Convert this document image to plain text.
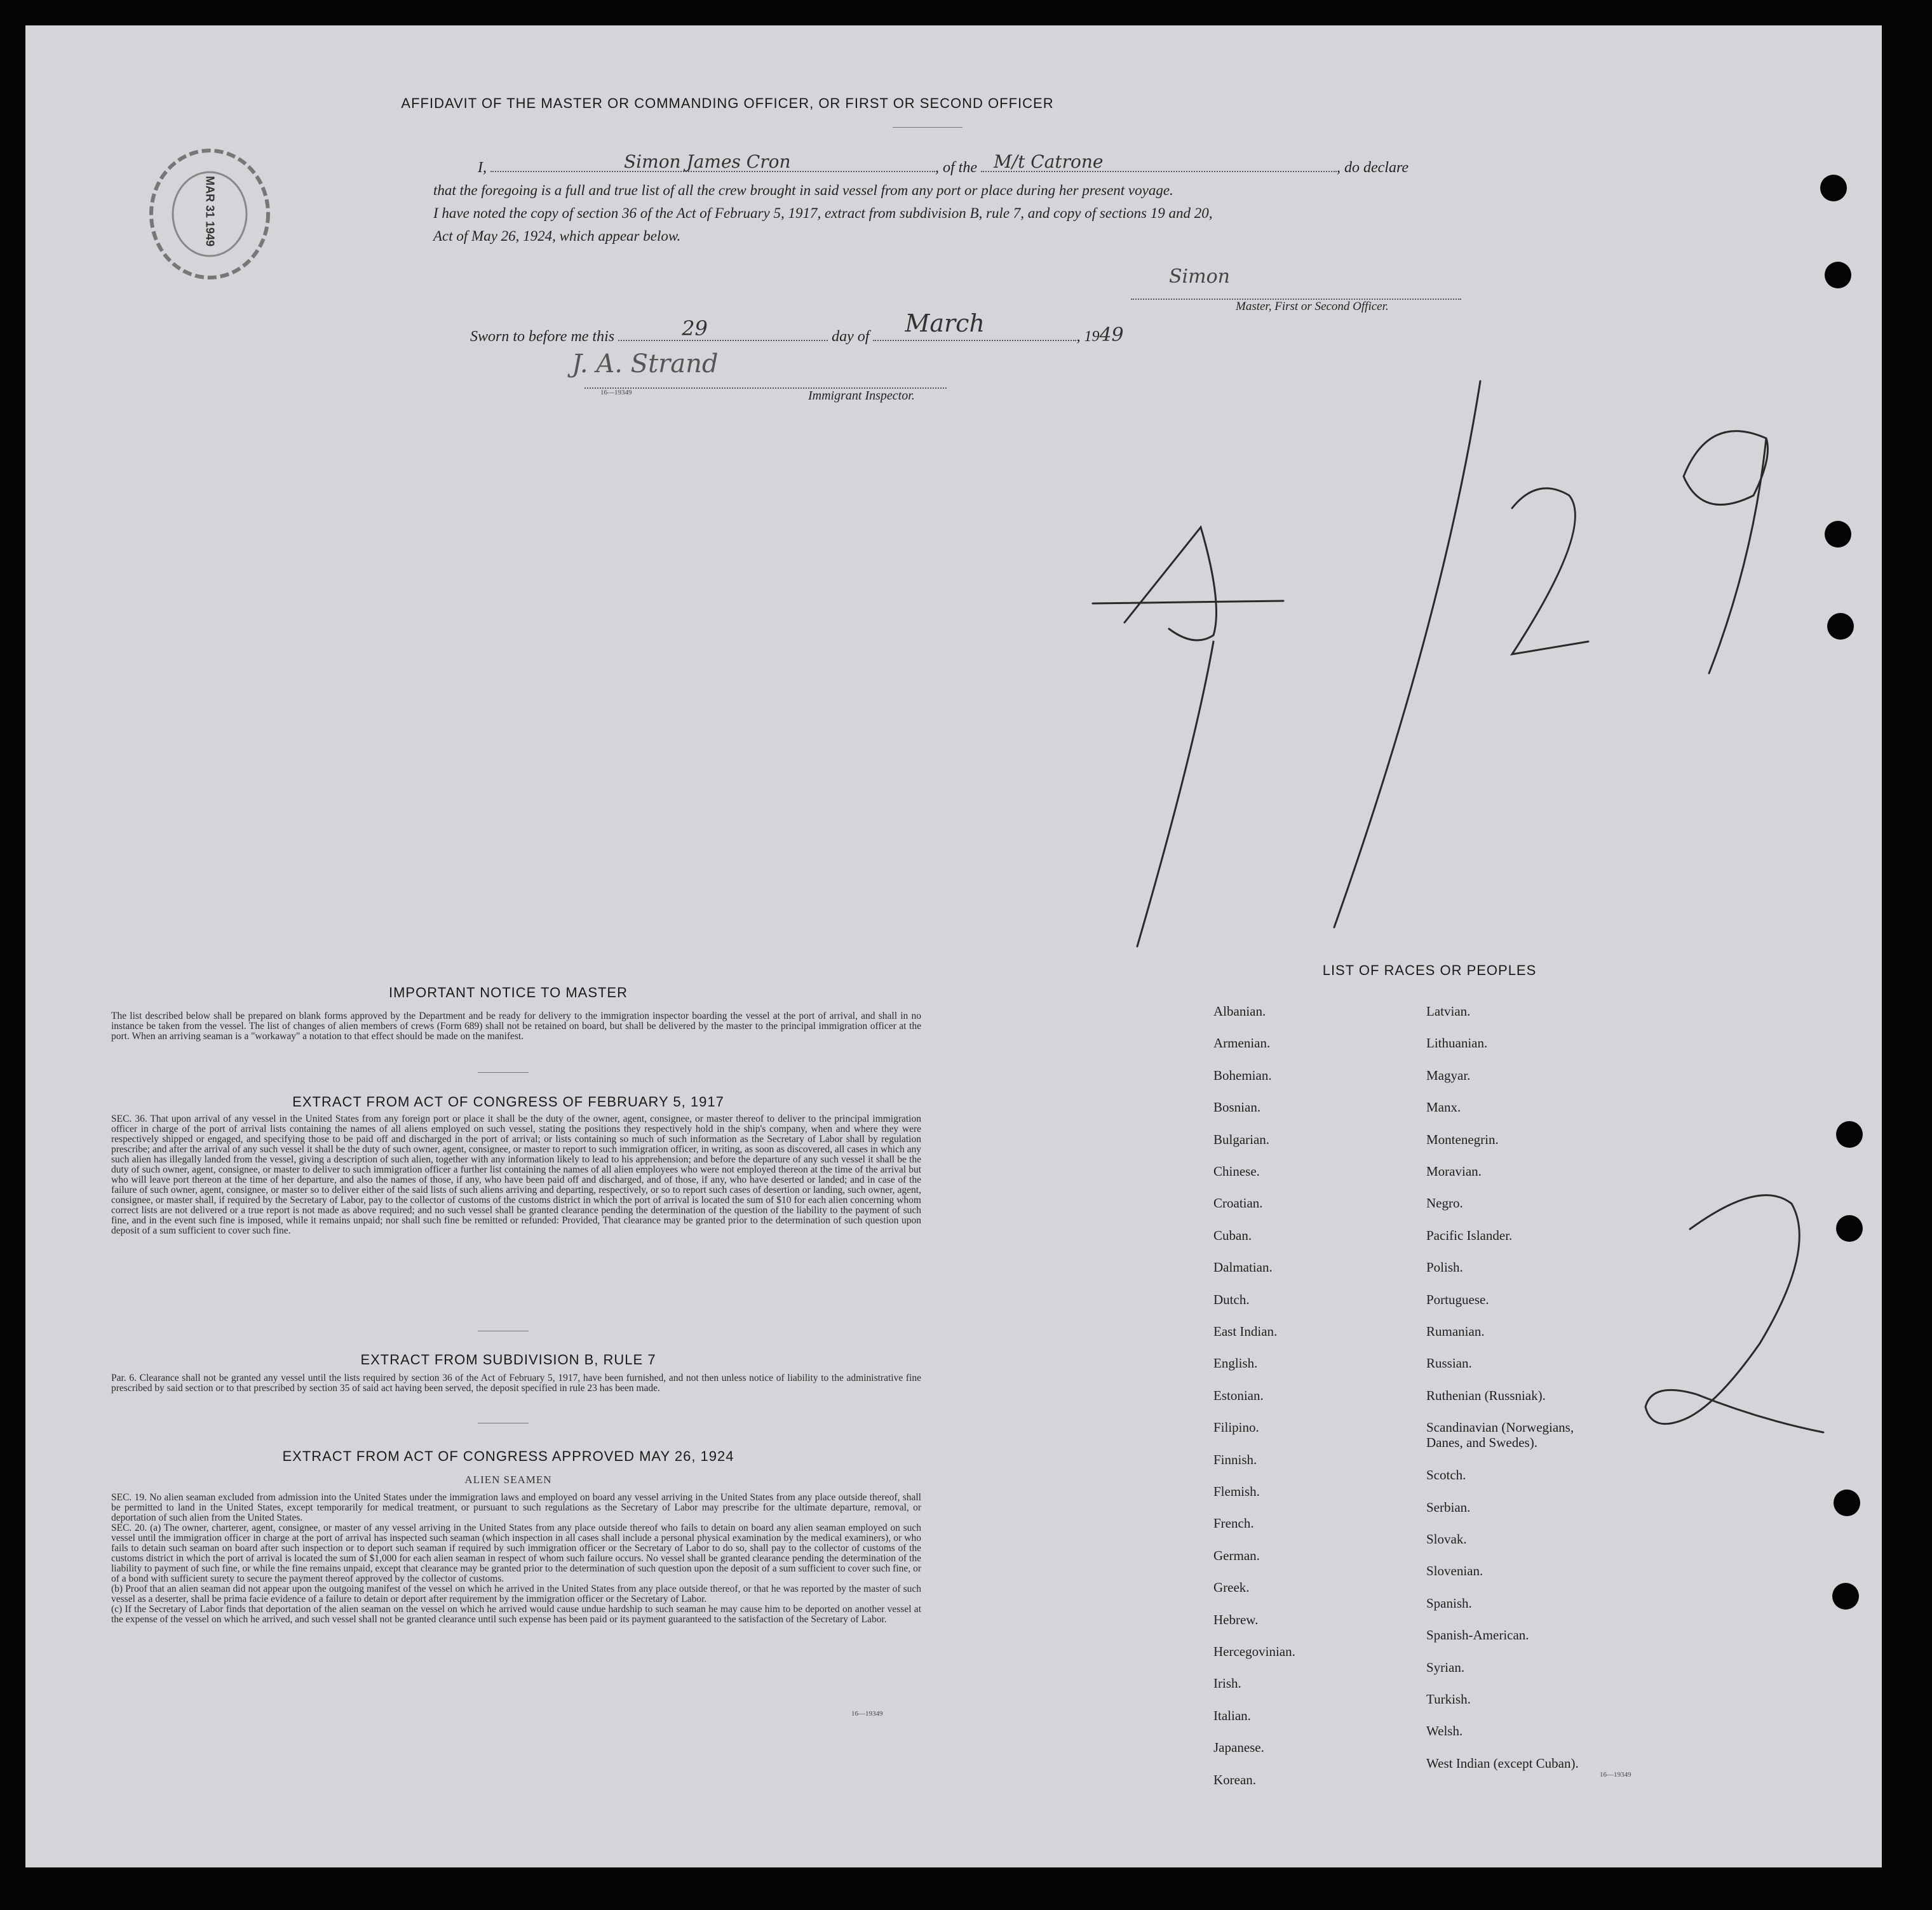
AFFIDAVIT OF THE MASTER OR COMMANDING OFFICER, OR FIRST OR SECOND OFFICER
MAR 31 1949
I,	Simon James Cron	, of the M/t Catrone	, do declare
that the foregoing is a full and true list of all the crew brought in said vessel from any port or place during her present voyage.
I have noted the copy of section 36 of the Act of February 5, 1917, extract from subdivision B, rule 7, and copy of sections 19 and 20,
Act of May 26, 1924, which appear below.
Simon
Master, First or Second Officer.
Sworn to before me this	29	day of March	, 1949
J. A. Strand
16—19349	Immigrant Inspector.
IMPORTANT NOTICE TO MASTER
The list described below shall be prepared on blank forms approved by the Department and be ready for delivery to the immigration inspector boarding the vessel at the port of arrival, and shall in no instance be taken from the vessel. The list of changes of alien members of crews (Form 689) shall not be retained on board, but shall be delivered by the master to the principal immigration officer at the port. When an arriving seaman is a "workaway" a notation to that effect should be made on the manifest.
EXTRACT FROM ACT OF CONGRESS OF FEBRUARY 5, 1917
SEC. 36. That upon arrival of any vessel in the United States from any foreign port or place it shall be the duty of the owner, agent, consignee, or master thereof to deliver to the principal immigration officer in charge of the port of arrival lists containing the names of all aliens employed on such vessel, stating the positions they respectively hold in the ship's company, when and where they were respectively shipped or engaged, and specifying those to be paid off and discharged in the port of arrival; or lists containing so much of such information as the Secretary of Labor shall by regulation prescribe; and after the arrival of any such vessel it shall be the duty of such owner, agent, consignee, or master to report to such immigration officer, in writing, as soon as discovered, all cases in which any such alien has illegally landed from the vessel, giving a description of such alien, together with any information likely to lead to his apprehension; and before the departure of any such vessel it shall be the duty of such owner, agent, consignee, or master to deliver to such immigration officer a further list containing the names of all alien employees who were not employed thereon at the time of the arrival but who will leave port thereon at the time of her departure, and also the names of those, if any, who have been paid off and discharged, and of those, if any, who have deserted or landed; and in case of the failure of such owner, agent, consignee, or master so to deliver either of the said lists of such aliens arriving and departing, respectively, or so to report such cases of desertion or landing, such owner, agent, consignee, or master shall, if required by the Secretary of Labor, pay to the collector of customs of the customs district in which the port of arrival is located the sum of $10 for each alien concerning whom correct lists are not delivered or a true report is not made as above required; and no such vessel shall be granted clearance pending the determination of the question of the liability to the payment of such fine, and in the event such fine is imposed, while it remains unpaid; nor shall such fine be remitted or refunded: Provided, That clearance may be granted prior to the determination of such question upon deposit of a sum sufficient to cover such fine.
EXTRACT FROM SUBDIVISION B, RULE 7
Par. 6. Clearance shall not be granted any vessel until the lists required by section 36 of the Act of February 5, 1917, have been furnished, and not then unless notice of liability to the administrative fine prescribed by said section or to that prescribed by section 35 of said act having been served, the deposit specified in rule 23 has been made.
EXTRACT FROM ACT OF CONGRESS APPROVED MAY 26, 1924
ALIEN SEAMEN
SEC. 19. No alien seaman excluded from admission into the United States under the immigration laws and employed on board any vessel arriving in the United States from any place outside thereof, shall be permitted to land in the United States, except temporarily for medical treatment, or pursuant to such regulations as the Secretary of Labor may prescribe for the ultimate departure, removal, or deportation of such alien from the United States.
SEC. 20. (a) The owner, charterer, agent, consignee, or master of any vessel arriving in the United States from any place outside thereof who fails to detain on board any alien seaman employed on such vessel until the immigration officer in charge at the port of arrival has inspected such seaman (which inspection in all cases shall include a personal physical examination by the medical examiners), or who fails to detain such seaman on board after such inspection or to deport such seaman if required by such immigration officer or the Secretary of Labor to do so, shall pay to the collector of customs of the customs district in which the port of arrival is located the sum of $1,000 for each alien seaman in respect of whom such failure occurs. No vessel shall be granted clearance pending the determination of the liability to payment of such fine, or while the fine remains unpaid, except that clearance may be granted prior to the determination of such question upon the deposit of a sum sufficient to cover such fine, or of a bond with sufficient surety to secure the payment thereof approved by the collector of customs.
(b) Proof that an alien seaman did not appear upon the outgoing manifest of the vessel on which he arrived in the United States from any place outside thereof, or that he was reported by the master of such vessel as a deserter, shall be prima facie evidence of a failure to detain or deport after requirement by the immigration officer or the Secretary of Labor.
(c) If the Secretary of Labor finds that deportation of the alien seaman on the vessel on which he arrived would cause undue hardship to such seaman he may cause him to be deported on another vessel at the expense of the vessel on which he arrived, and such vessel shall not be granted clearance until such expense has been paid or its payment guaranteed to the satisfaction of the Secretary of Labor.
16—19349
LIST OF RACES OR PEOPLES
Albanian.
Armenian.
Bohemian.
Bosnian.
Bulgarian.
Chinese.
Croatian.
Cuban.
Dalmatian.
Dutch.
East Indian.
English.
Estonian.
Filipino.
Finnish.
Flemish.
French.
German.
Greek.
Hebrew.
Hercegovinian.
Irish.
Italian.
Japanese.
Korean.
Latvian.
Lithuanian.
Magyar.
Manx.
Montenegrin.
Moravian.
Negro.
Pacific Islander.
Polish.
Portuguese.
Rumanian.
Russian.
Ruthenian (Russniak).
Scandinavian (Norwegians,
Danes, and Swedes).
Scotch.
Serbian.
Slovak.
Slovenian.
Spanish.
Spanish-American.
Syrian.
Turkish.
Welsh.
West Indian (except Cuban).
16—19349
